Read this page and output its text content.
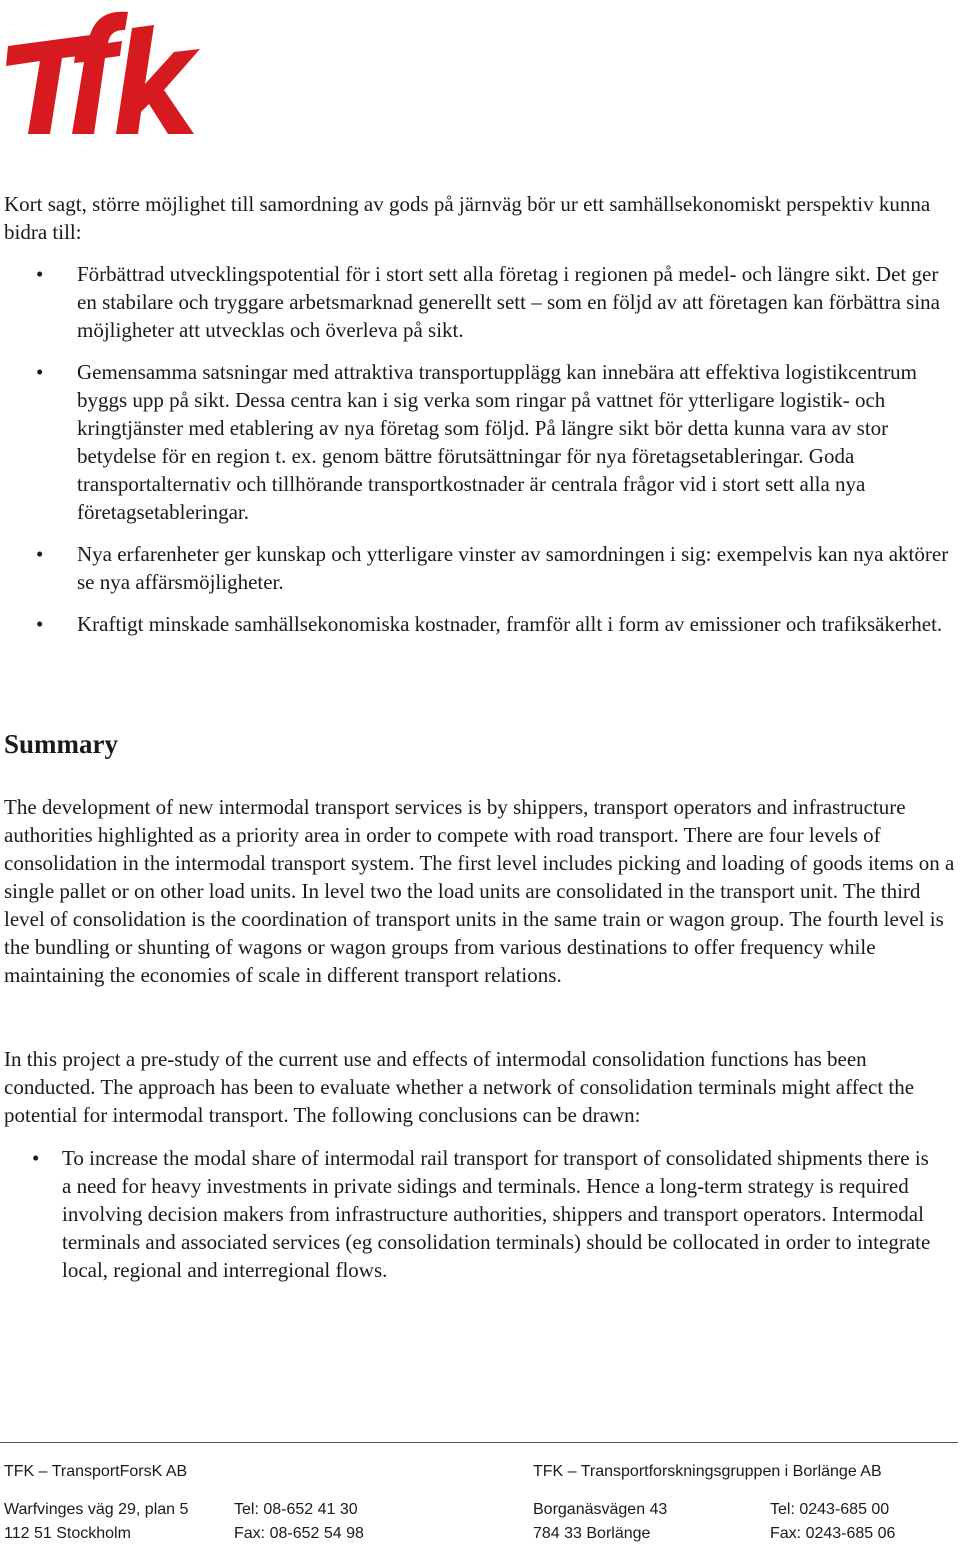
Kort sagt, större möjlighet till samordning av gods på järnväg bör ur ett samhällsekonomiskt perspektiv kunna bidra till:

• Förbättrad utvecklingspotential för i stort sett alla företag i regionen på medel- och längre sikt. Det ger en stabilare och tryggare arbetsmarknad generellt sett – som en följd av att företagen kan förbättra sina möjligheter att utvecklas och överleva på sikt.
• Gemensamma satsningar med attraktiva transportupplägg kan innebära att effektiva logistikcentrum byggs upp på sikt. Dessa centra kan i sig verka som ringar på vattnet för ytterligare logistik- och kringtjänster med etablering av nya företag som följd. På längre sikt bör detta kunna vara av stor betydelse för en region t. ex. genom bättre förutsättningar för nya företagsetableringar. Goda transportalternativ och tillhörande transportkostnader är centrala frågor vid i stort sett alla nya företagsetableringar.
• Nya erfarenheter ger kunskap och ytterligare vinster av samordningen i sig: exempelvis kan nya aktörer se nya affärsmöjligheter.
• Kraftigt minskade samhällsekonomiska kostnader, framför allt i form av emissioner och trafiksäkerhet.
Summary

The development of new intermodal transport services is by shippers, transport operators and infrastructure authorities highlighted as a priority area in order to compete with road transport. There are four levels of consolidation in the intermodal transport system. The first level includes picking and loading of goods items on a single pallet or on other load units. In level two the load units are consolidated in the transport unit. The third level of consolidation is the coordination of transport units in the same train or wagon group. The fourth level is the bundling or shunting of wagons or wagon groups from various destinations to offer frequency while maintaining the economies of scale in different transport relations.

In this project a pre-study of the current use and effects of intermodal consolidation functions has been conducted. The approach has been to evaluate whether a network of consolidation terminals might affect the potential for intermodal transport. The following conclusions can be drawn:

• To increase the modal share of intermodal rail transport for transport of consolidated shipments there is a need for heavy investments in private sidings and terminals. Hence a long-term strategy is required involving decision makers from infrastructure authorities, shippers and transport operators. Intermodal terminals and associated services (eg consolidation terminals) should be collocated in order to integrate local, regional and interregional flows.
TFK – TransportForsK AB	TFK – Transportforskningsgruppen i Borlänge AB
Warfvinges väg 29, plan 5	Tel: 08-652 41 30	Borganäsvägen 43	Tel: 0243-685 00
112 51 Stockholm	Fax: 08-652 54 98	784 33 Borlänge	Fax: 0243-685 06
